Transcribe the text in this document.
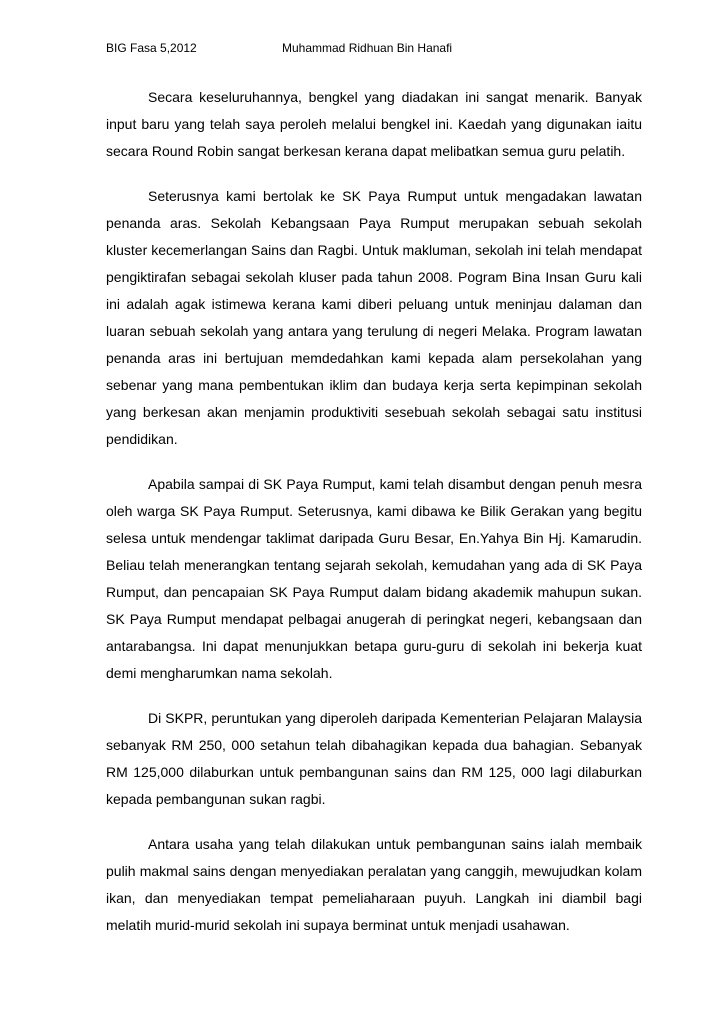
BIG Fasa 5,2012	Muhammad Ridhuan Bin Hanafi

Secara keseluruhannya, bengkel yang diadakan ini sangat menarik. Banyak input baru yang telah saya peroleh melalui bengkel ini. Kaedah yang digunakan iaitu secara Round Robin sangat berkesan kerana dapat melibatkan semua guru pelatih.

Seterusnya kami bertolak ke SK Paya Rumput untuk mengadakan lawatan penanda aras. Sekolah Kebangsaan Paya Rumput merupakan sebuah sekolah kluster kecemerlangan Sains dan Ragbi. Untuk makluman, sekolah ini telah mendapat pengiktirafan sebagai sekolah kluser pada tahun 2008. Pogram Bina Insan Guru kali ini adalah agak istimewa kerana kami diberi peluang untuk meninjau dalaman dan luaran sebuah sekolah yang antara yang terulung di negeri Melaka. Program lawatan penanda aras ini bertujuan memdedahkan kami kepada alam persekolahan yang sebenar yang mana pembentukan iklim dan budaya kerja serta kepimpinan sekolah yang berkesan akan menjamin produktiviti sesebuah sekolah sebagai satu institusi pendidikan.

Apabila sampai di SK Paya Rumput, kami telah disambut dengan penuh mesra oleh warga SK Paya Rumput. Seterusnya, kami dibawa ke Bilik Gerakan yang begitu selesa untuk mendengar taklimat daripada Guru Besar, En.Yahya Bin Hj. Kamarudin. Beliau telah menerangkan tentang sejarah sekolah, kemudahan yang ada di SK Paya Rumput, dan pencapaian SK Paya Rumput dalam bidang akademik mahupun sukan. SK Paya Rumput mendapat pelbagai anugerah di peringkat negeri, kebangsaan dan antarabangsa. Ini dapat menunjukkan betapa guru-guru di sekolah ini bekerja kuat demi mengharumkan nama sekolah.

Di SKPR, peruntukan yang diperoleh daripada Kementerian Pelajaran Malaysia sebanyak RM 250, 000 setahun telah dibahagikan kepada dua bahagian. Sebanyak RM 125,000 dilaburkan untuk pembangunan sains dan RM 125, 000 lagi dilaburkan kepada pembangunan sukan ragbi.

Antara usaha yang telah dilakukan untuk pembangunan sains ialah membaik pulih makmal sains dengan menyediakan peralatan yang canggih, mewujudkan kolam ikan, dan menyediakan tempat pemeliaharaan puyuh. Langkah ini diambil bagi melatih murid-murid sekolah ini supaya berminat untuk menjadi usahawan.
